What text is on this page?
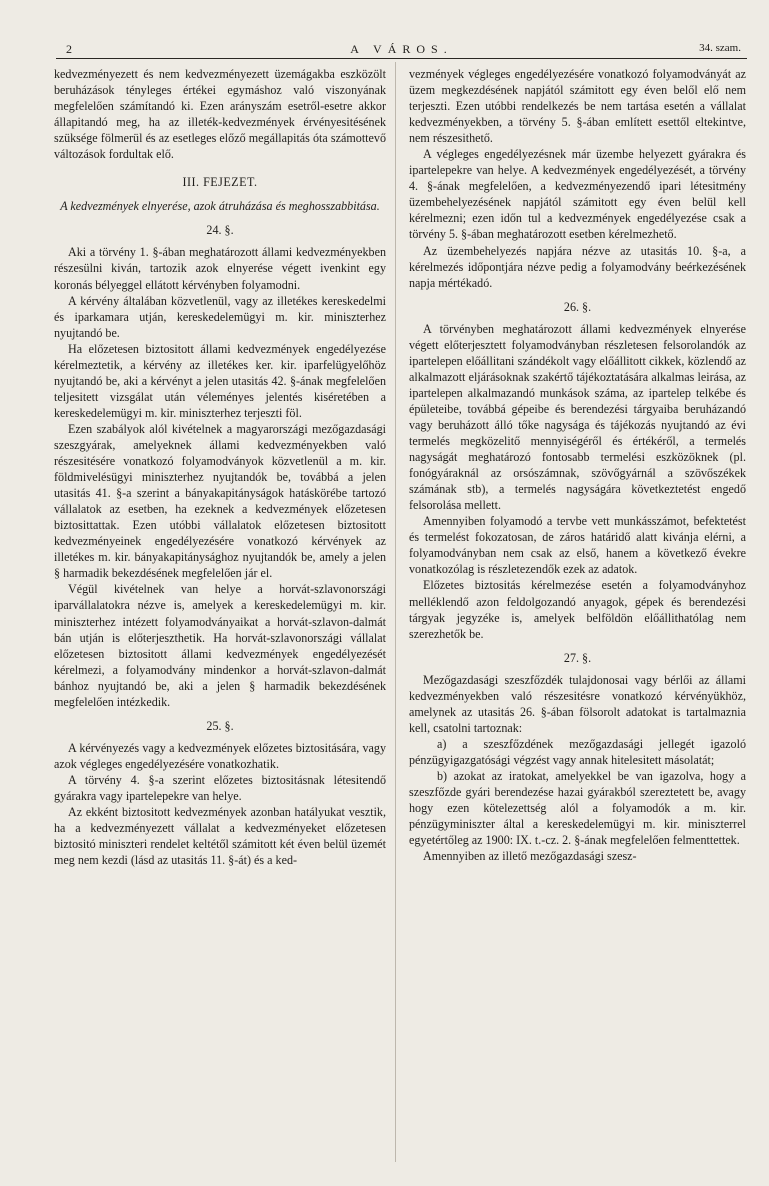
2	A VÁROS.	34. szam.

kedvezményezett és nem kedvezményezett üzemágakba eszközölt beruházások tényleges értékei egymáshoz való viszonyának megfelelően számítandó ki. Ezen arányszám esetről-esetre akkor állapitandó meg, ha az illeték-kedvezmények érvényesitésének szüksége fölmerül és az esetleges előző megállapitás óta számottevő változások fordultak elő.

III. FEJEZET.
A kedvezmények elnyerése, azok átruházása és meghosszabbitása.
24. §.

Aki a törvény 1. §-ában meghatározott állami kedvezményekben részesülni kiván, tartozik azok elnyerése végett ivenkint egy koronás bélyeggel ellátott kérvényben folyamodni.

A kérvény általában közvetlenül, vagy az illetékes kereskedelmi és iparkamara utján, kereskedelemügyi m. kir. miniszterhez nyujtandó be.

Ha előzetesen biztositott állami kedvezmények engedélyezése kérelmeztetik, a kérvény az illetékes ker. kir. iparfelügyelőhöz nyujtandó be, aki a kérvényt a jelen utasitás 42. §-ának megfelelően teljesitett vizsgálat után véleményes jelentés kiséretében a kereskedelemügyi m. kir. miniszterhez terjeszti föl.

Ezen szabályok alól kivételnek a magyarországi mezőgazdasági szeszgyárak, amelyeknek állami kedvezményekben való részesitésére vonatkozó folyamodványok közvetlenül a m. kir. földmivelésügyi miniszterhez nyujtandók be, továbbá a jelen utasitás 41. §-a szerint a bányakapitányságok hatáskörébe tartozó vállalatok az esetben, ha ezeknek a kedvezmények előzetesen biztosittattak. Ezen utóbbi vállalatok előzetesen biztositott kedvezményeinek engedélyezésére vonatkozó kérvények az illetékes m. kir. bányakapitánysághoz nyujtandók be, amely a jelen § harmadik bekezdésének megfelelően jár el.

Végül kivételnek van helye a horvát-szlavonországi iparvállalatokra nézve is, amelyek a kereskedelemügyi m. kir. miniszterhez intézett folyamodványaikat a horvát-szlavon-dalmát bán utján is előterjeszthetik. Ha horvát-szlavonországi vállalat előzetesen biztositott állami kedvezmények engedélyezését kérelmezi, a folyamodvány mindenkor a horvát-szlavon-dalmát bánhoz nyujtandó be, aki a jelen § harmadik bekezdésének megfelelően intézkedik.

25. §.

A kérvényezés vagy a kedvezmények előzetes biztositására, vagy azok végleges engedélyezésére vonatkozhatik.

A törvény 4. §-a szerint előzetes biztositásnak létesitendő gyárakra vagy ipartelepekre van helye.

Az ekként biztositott kedvezmények azonban hatályukat vesztik, ha a kedvezményezett vállalat a kedvezményeket előzetesen biztositó miniszteri rendelet keltétől számitott két éven belül üzemét meg nem kezdi (lásd az utasitás 11. §-át) és a ked-

vezmények végleges engedélyezésére vonatkozó folyamodványát az üzem megkezdésének napjától számitott egy éven belől elő nem terjeszti. Ezen utóbbi rendelkezés be nem tartása esetén a vállalat kedvezményekben, a törvény 5. §-ában említett esettől eltekintve, nem részesithető.

A végleges engedélyezésnek már üzembe helyezett gyárakra és ipartelepekre van helye. A kedvezmények engedélyezését, a törvény 4. §-ának megfelelően, a kedvezményezendő ipari létesitmény üzembehelyezésének napjától számitott egy éven belül kell kérelmezni; ezen időn tul a kedvezmények engedélyezése csak a törvény 5. §-ában meghatározott esetben kérelmezhető.

Az üzembehelyezés napjára nézve az utasitás 10. §-a, a kérelmezés időpontjára nézve pedig a folyamodvány beérkezésének napja mértékadó.

26. §.

A törvényben meghatározott állami kedvezmények elnyerése végett előterjesztett folyamodványban részletesen felsorolandók az ipartelepen előállitani szándékolt vagy előállitott cikkek, közlendő az alkalmazott eljárásoknak szakértő tájékoztatására alkalmas leirása, az ipartelepen alkalmazandó munkások száma, az ipartelep telkébe és épületeibe, továbbá gépeibe és berendezési tárgyaiba beruházandó vagy beruházott álló tőke nagysága és tájékozás nyujtandó az évi termelés megközelitő mennyiségéről és értékéről, a termelés nagyságát meghatározó fontosabb termelési eszközöknek (pl. fonógyáraknál az orsószámnak, szövőgyárnál a szövőszékek számának stb), a termelés nagyságára következtetést engedő felsorolása mellett.

Amennyiben folyamodó a tervbe vett munkásszámot, befektetést és termelést fokozatosan, de záros határidő alatt kivánja elérni, a folyamodványban nem csak az első, hanem a következő évekre vonatkozólag is részletezendők ezek az adatok.

Előzetes biztositás kérelmezése esetén a folyamodványhoz melléklendő azon feldolgozandó anyagok, gépek és berendezési tárgyak jegyzéke is, amelyek belföldön előállithatólag nem szerezhetők be.

27. §.

Mezőgazdasági szeszfőzdék tulajdonosai vagy bérlői az állami kedvezményekben való részesitésre vonatkozó kérvényükhöz, amelynek az utasitás 26. §-ában fölsorolt adatokat is tartalmaznia kell, csatolni tartoznak:

a) a szeszfőzdének mezőgazdasági jellegét igazoló pénzügyigazgatósági végzést vagy annak hitelesitett másolatát;

b) azokat az iratokat, amelyekkel be van igazolva, hogy a szeszfőzde gyári berendezése hazai gyárakból szereztetett be, avagy hogy ezen kötelezettség alól a folyamodók a m. kir. pénzügyminiszter által a kereskedelemügyi m. kir. miniszterrel egyetértőleg az 1900: IX. t.-cz. 2. §-ának megfelelően felmenttettek.

Amennyiben az illető mezőgazdasági szesz-
